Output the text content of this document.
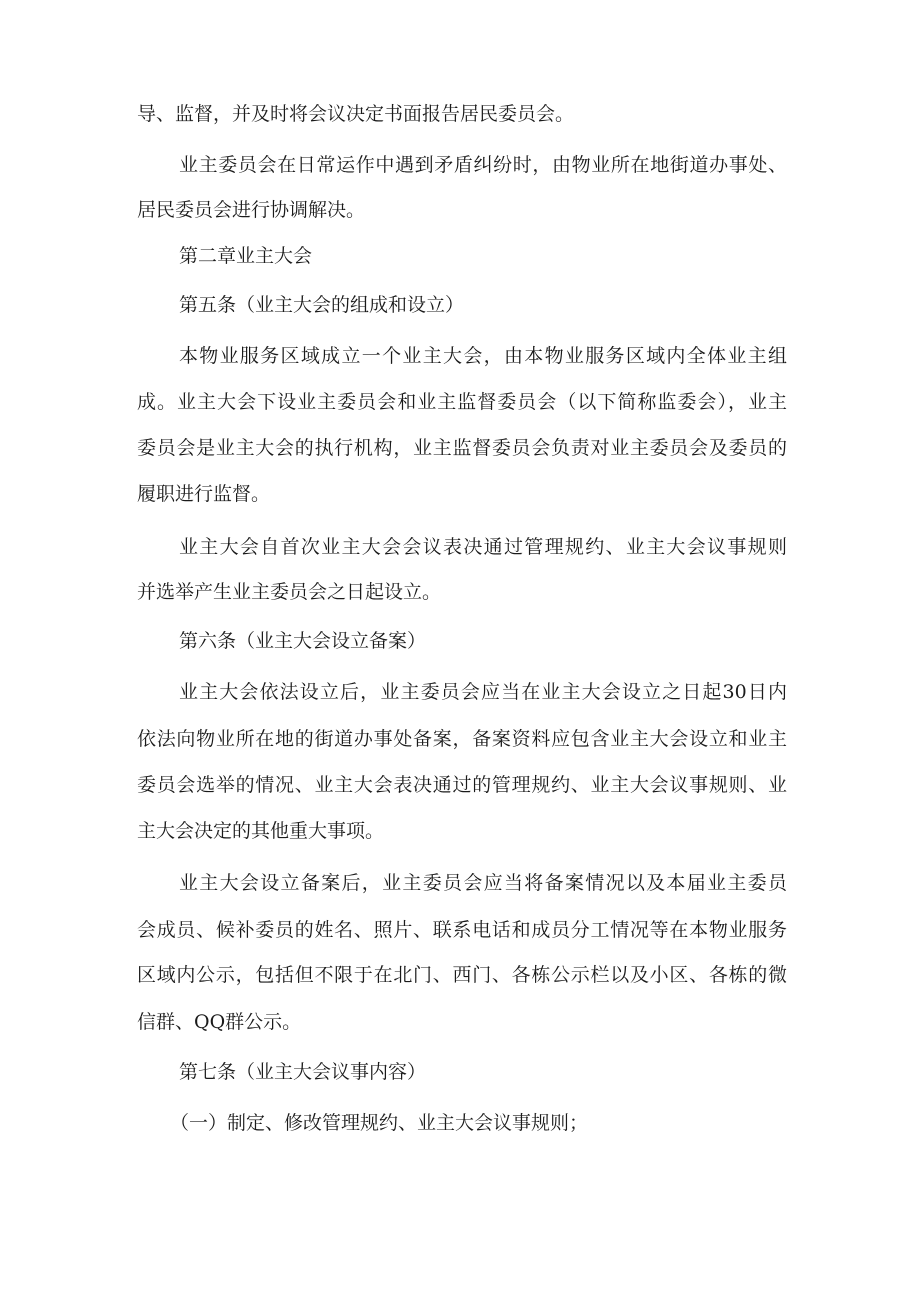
导、监督，并及时将会议决定书面报告居民委员会。
业主委员会在日常运作中遇到矛盾纠纷时，由物业所在地街道办事处、
居民委员会进行协调解决。
第二章业主大会
第五条（业主大会的组成和设立）
本物业服务区域成立一个业主大会，由本物业服务区域内全体业主组
成。业主大会下设业主委员会和业主监督委员会（以下简称监委会），业主
委员会是业主大会的执行机构，业主监督委员会负责对业主委员会及委员的
履职进行监督。
业主大会自首次业主大会会议表决通过管理规约、业主大会议事规则
并选举产生业主委员会之日起设立。
第六条（业主大会设立备案）
业主大会依法设立后，业主委员会应当在业主大会设立之日起30日内
依法向物业所在地的街道办事处备案，备案资料应包含业主大会设立和业主
委员会选举的情况、业主大会表决通过的管理规约、业主大会议事规则、业
主大会决定的其他重大事项。
业主大会设立备案后，业主委员会应当将备案情况以及本届业主委员
会成员、候补委员的姓名、照片、联系电话和成员分工情况等在本物业服务
区域内公示，包括但不限于在北门、西门、各栋公示栏以及小区、各栋的微
信群、QQ群公示。
第七条（业主大会议事内容）
（一）制定、修改管理规约、业主大会议事规则；
